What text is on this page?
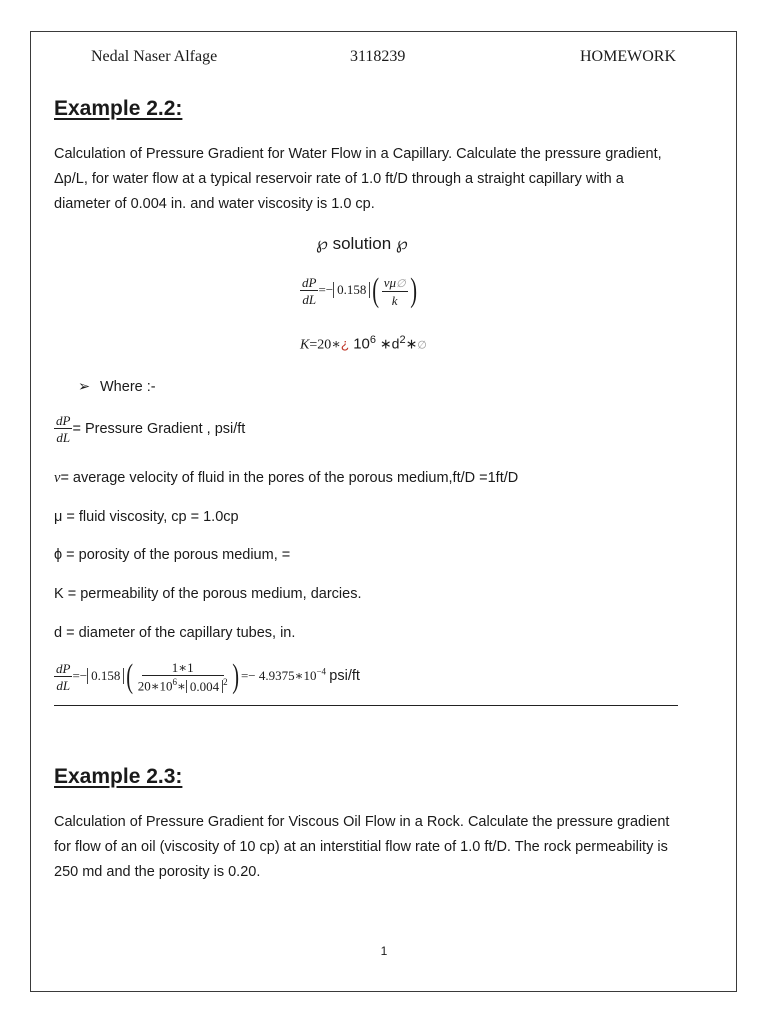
Nedal Naser Alfage	3118239	HOMEWORK
Example 2.2:
Calculation of Pressure Gradient for Water Flow in a Capillary. Calculate the pressure gradient, Δp/L, for water flow at a typical reservoir rate of 1.0 ft/D through a straight capillary with a diameter of 0.004 in. and water viscosity is 1.0 cp.
℘ solution ℘
$\frac{dP}{dL} =- 0.158$ ( $\frac{v\mu\emptyset}{k}$ )
K=20∗¿ $10^6$ $∗d^2∗\emptyset$
➢ Where :-
$\frac{dP}{dL}$ = Pressure Gradient , psi/ft
v= average velocity of fluid in the pores of the porous medium,ft/D =1ft/D
μ = fluid viscosity, cp = 1.0cp
ϕ = porosity of the porous medium, =
K = permeability of the porous medium, darcies.
d = diameter of the capillary tubes, in.
$\frac{dP}{dL} =- 0.158$ ( $\frac{1∗1}{20∗10^6∗ 0.004 ^2}$ ) =− $4.9375∗10^{-4}$ psi/ft
Example 2.3:
Calculation of Pressure Gradient for Viscous Oil Flow in a Rock. Calculate the pressure gradient for flow of an oil (viscosity of 10 cp) at an interstitial flow rate of 1.0 ft/D. The rock permeability is 250 md and the porosity is 0.20.
1
